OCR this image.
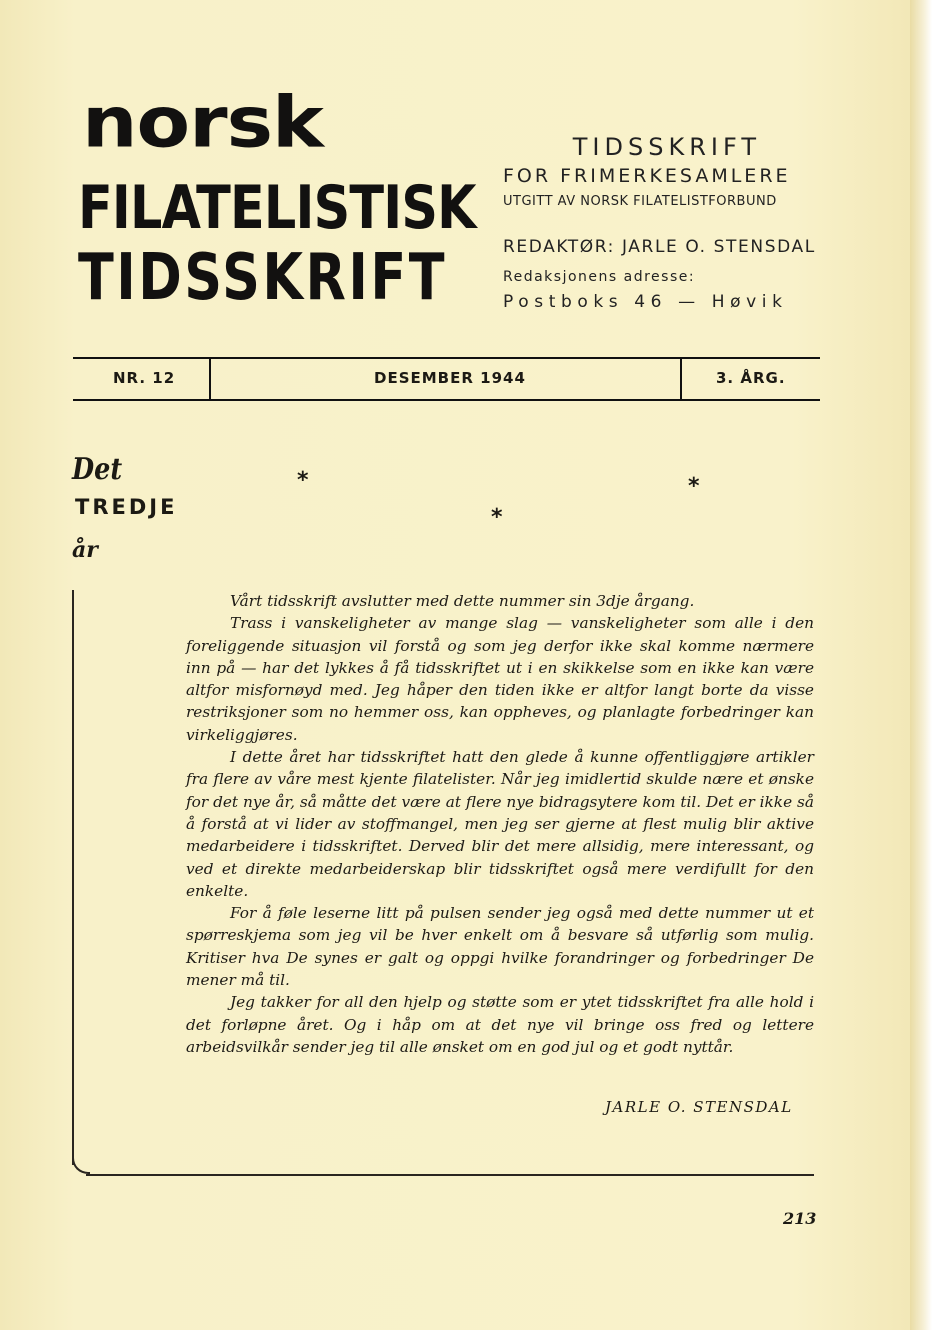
norsk
FILATELISTISK
TIDSSKRIFT
TIDSSKRIFT
FOR FRIMERKESAMLERE
UTGITT AV NORSK FILATELISTFORBUND
REDAKTØR: JARLE O. STENSDAL
Redaksjonens adresse:
Postboks 46 — Høvik
NR. 12	DESEMBER 1944	3. ÅRG.
Det
TREDJE
år
*
*
*

Vårt tidsskrift avslutter med dette nummer sin 3dje årgang.

Trass i vanskeligheter av mange slag — vanskeligheter som alle i den foreliggende situasjon vil forstå og som jeg derfor ikke skal komme nærmere inn på — har det lykkes å få tidsskriftet ut i en skikkelse som en ikke kan være altfor misfornøyd med. Jeg håper den tiden ikke er altfor langt borte da visse restriksjoner som no hemmer oss, kan oppheves, og planlagte forbedringer kan virkeliggjøres.

I dette året har tidsskriftet hatt den glede å kunne offentliggjøre artikler fra flere av våre mest kjente filatelister. Når jeg imidlertid skulde nære et ønske for det nye år, så måtte det være at flere nye bidragsytere kom til. Det er ikke så å forstå at vi lider av stoffmangel, men jeg ser gjerne at flest mulig blir aktive medarbeidere i tidsskriftet. Derved blir det mere allsidig, mere interessant, og ved et direkte medarbeiderskap blir tidsskriftet også mere verdifullt for den enkelte.

For å føle leserne litt på pulsen sender jeg også med dette nummer ut et spørreskjema som jeg vil be hver enkelt om å besvare så utførlig som mulig. Kritiser hva De synes er galt og oppgi hvilke forandringer og forbedringer De mener må til.

Jeg takker for all den hjelp og støtte som er ytet tidsskriftet fra alle hold i det forløpne året. Og i håp om at det nye vil bringe oss fred og lettere arbeidsvilkår sender jeg til alle ønsket om en god jul og et godt nyttår.

JARLE O. STENSDAL
213
